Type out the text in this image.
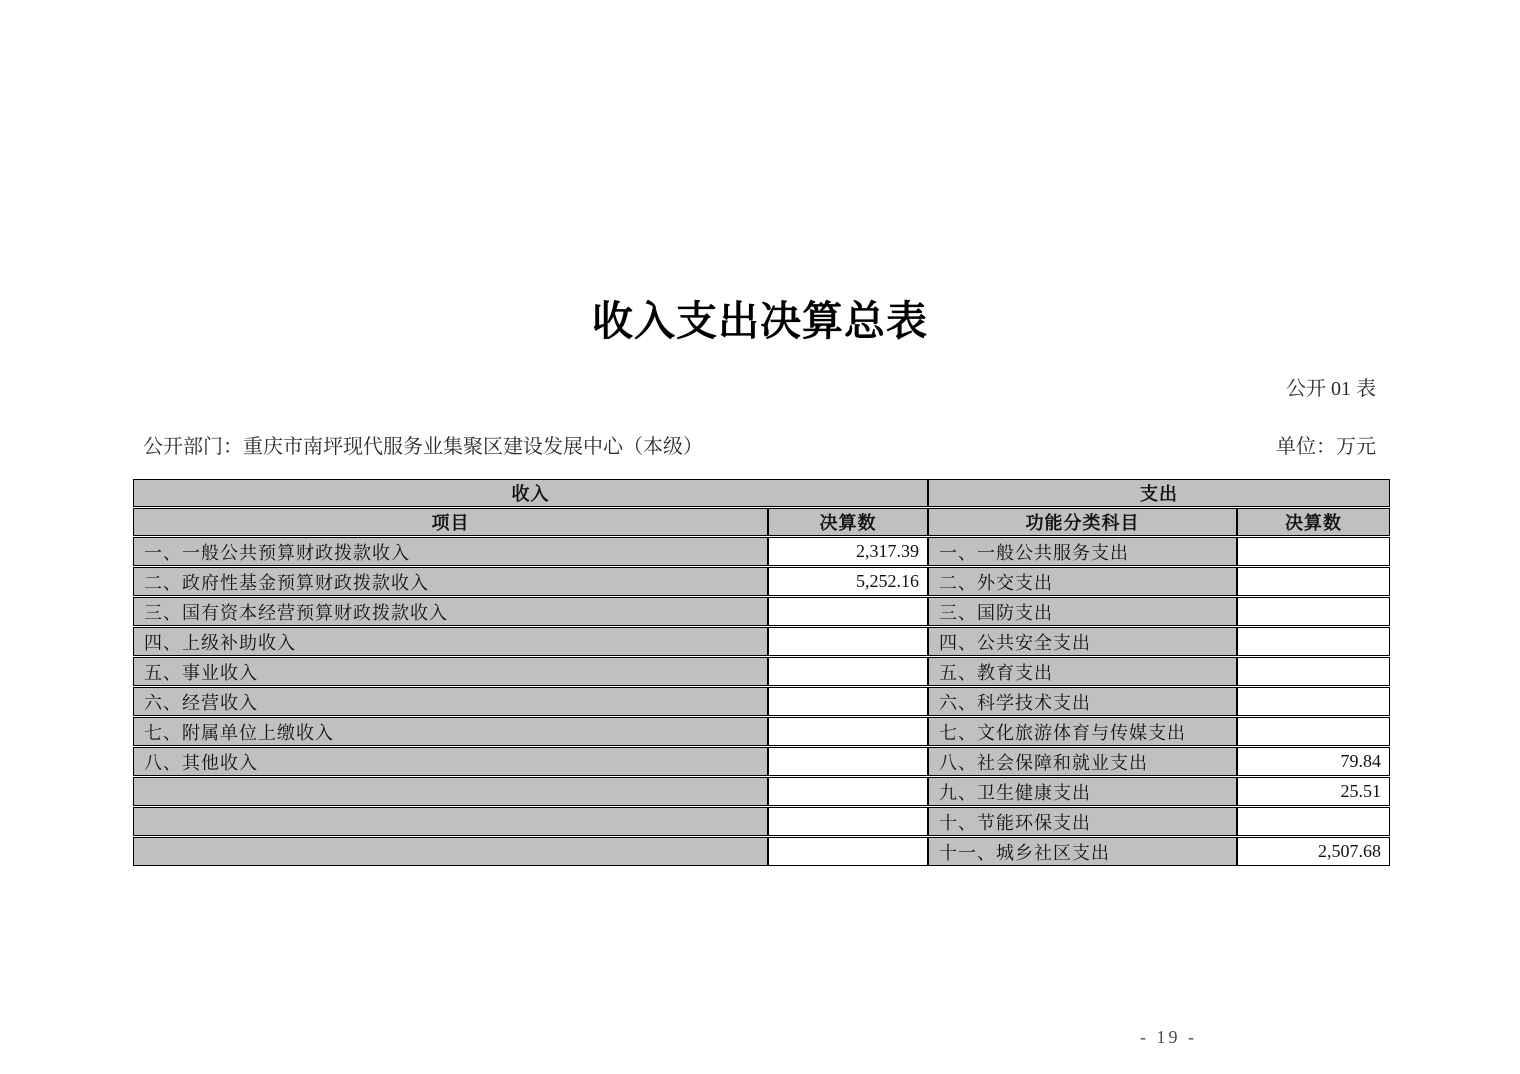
收入支出决算总表
公开 01 表
公开部门：重庆市南坪现代服务业集聚区建设发展中心（本级）	单位：万元
收入		支出	
项目	决算数	功能分类科目	决算数
一、一般公共预算财政拨款收入	2,317.39	一、一般公共服务支出	
二、政府性基金预算财政拨款收入	5,252.16	二、外交支出	
三、国有资本经营预算财政拨款收入		三、国防支出	
四、上级补助收入		四、公共安全支出	
五、事业收入		五、教育支出	
六、经营收入		六、科学技术支出	
七、附属单位上缴收入		七、文化旅游体育与传媒支出	
八、其他收入		八、社会保障和就业支出	79.84
		九、卫生健康支出	25.51
		十、节能环保支出	
		十一、城乡社区支出	2,507.68
- 19 -
